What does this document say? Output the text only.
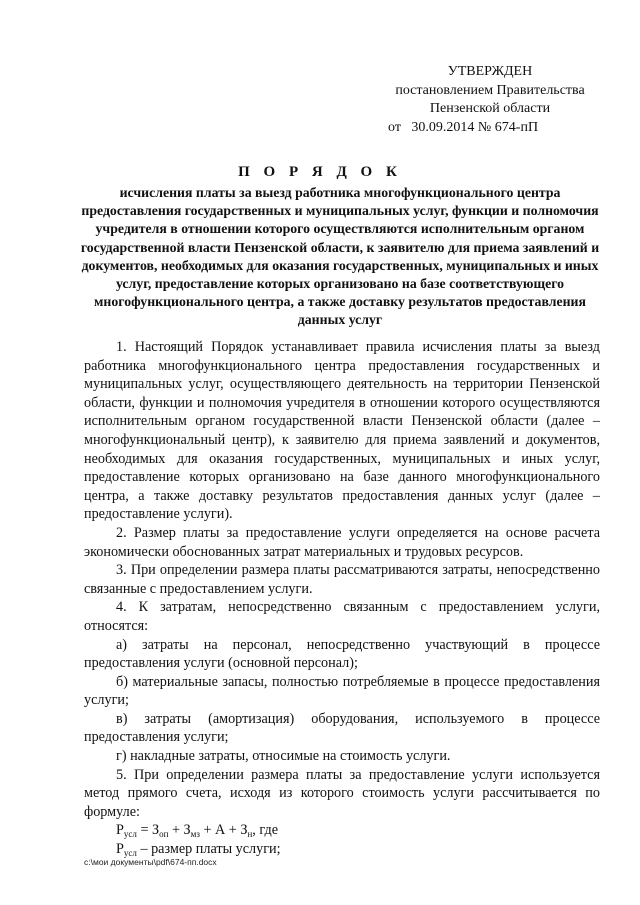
УТВЕРЖДЕН
постановлением Правительства
Пензенской области
от   30.09.2014 № 674-пП
П О Р Я Д О К
исчисления платы за выезд работника многофункционального центра предоставления государственных и муниципальных услуг, функции и полномочия учредителя в отношении которого осуществляются исполнительным органом государственной власти Пензенской области, к заявителю для приема заявлений и документов, необходимых для оказания государственных, муниципальных и иных услуг, предоставление которых организовано на базе соответствующего многофункционального центра, а также доставку результатов предоставления данных услуг

1. Настоящий Порядок устанавливает правила исчисления платы за выезд работника многофункционального центра предоставления государственных и муниципальных услуг, осуществляющего деятельность на территории Пензенской области, функции и полномочия учредителя в отношении которого осуществляются исполнительным органом государственной власти Пензенской области (далее – многофункциональный центр), к заявителю для приема заявлений и документов, необходимых для оказания государственных, муниципальных и иных услуг, предоставление которых организовано на базе данного многофункционального центра, а также доставку результатов предоставления данных услуг (далее – предоставление услуги).

2. Размер платы за предоставление услуги определяется на основе расчета экономически обоснованных затрат материальных и трудовых ресурсов.

3. При определении размера платы рассматриваются затраты, непосредственно связанные с предоставлением услуги.

4. К затратам, непосредственно связанным с предоставлением услуги, относятся:

а) затраты на персонал, непосредственно участвующий в процессе предоставления услуги (основной персонал);

б) материальные запасы, полностью потребляемые в процессе предоставления услуги;

в) затраты (амортизация) оборудования, используемого в процессе предоставления услуги;

г) накладные затраты, относимые на стоимость услуги.

5. При определении размера платы за предоставление услуги используется метод прямого счета, исходя из которого стоимость услуги рассчитывается по формуле:

$Р_{усл} = З_{оп} + З_{мз} + А + З_н$, где

$Р_{усл}$ – размер платы услуги;

c:\мои документы\pdf\674-пп.docx
